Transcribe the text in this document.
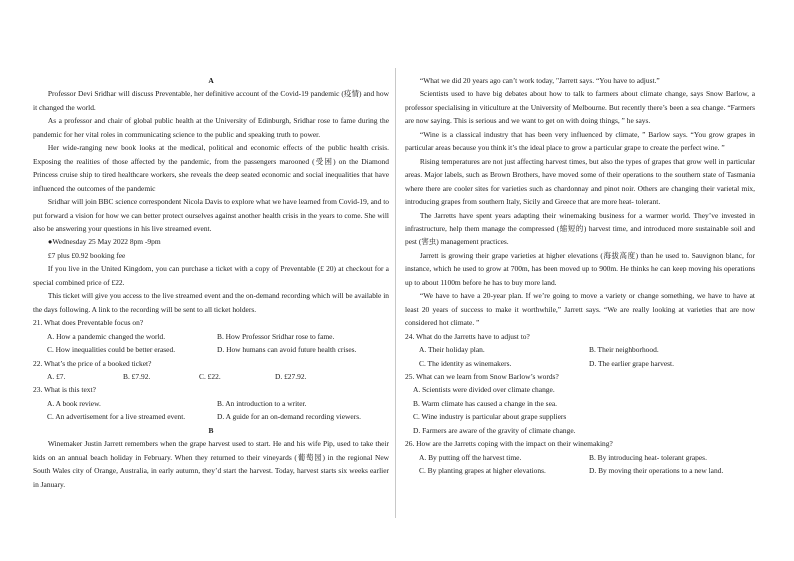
A

Professor Devi Sridhar will discuss Preventable, her definitive account of the Covid-19 pandemic (疫情) and how it changed the world.

As a professor and chair of global public health at the University of Edinburgh, Sridhar rose to fame during the pandemic for her vital roles in communicating science to the public and speaking truth to power.

Her wide-ranging new book looks at the medical, political and economic effects of the public health crisis. Exposing the realities of those affected by the pandemic, from the passengers marooned (受困) on the Diamond Princess cruise ship to tired healthcare workers, she reveals the deep seated economic and social inequalities that have influenced the outcomes of the pandemic

Sridhar will join BBC science correspondent Nicola Davis to explore what we have learned from Covid-19, and to put forward a vision for how we can better protect ourselves against another health crisis in the years to come. She will also be answering your questions in his live streamed event.

●Wednesday 25 May 2022 8pm -9pm

£7 plus £0.92 booking fee

If you live in the United Kingdom, you can purchase a ticket with a copy of Preventable (£ 20) at checkout for a special combined price of £22.

This ticket will give you access to the live streamed event and the on-demand recording which will be available in the days following. A link to the recording will be sent to all ticket holders.

21. What does Preventable focus on?

A. How a pandemic changed the world.	B. How Professor Sridhar rose to fame.
C. How inequalities could be better erased.	D. How humans can avoid future health crises.

22. What’s the price of a booked ticket?

A. £7.	B. £7.92.	C. £22.	D. £27.92.

23. What is this text?

A. A book review.	B. An introduction to a writer.
C. An advertisement for a live streamed event.	D. A guide for an on-demand recording viewers.
B

Winemaker Justin Jarrett remembers when the grape harvest used to start. He and his wife Pip, used to take their kids on an annual beach holiday in February. When they returned to their vineyards (葡萄园) in the regional New South Wales city of Orange, Australia, in early autumn, they’d start the harvest. Today, harvest starts six weeks earlier in January.

“What we did 20 years ago can’t work today, "Jarrett says. “You have to adjust.”

Scientists used to have big debates about how to talk to farmers about climate change, says Snow Barlow, a professor specialising in viticulture at the University of Melbourne. But recently there’s been a sea change. “Farmers are now saying. This is serious and we want to get on with doing things, ” he says.

“Wine is a classical industry that has been very influenced by climate, ” Barlow says. “You grow grapes in particular areas because you think it’s the ideal place to grow a particular grape to create the perfect wine. ”

Rising temperatures are not just affecting harvest times, but also the types of grapes that grow well in particular areas. Major labels, such as Brown Brothers, have moved some of their operations to the southern state of Tasmania where there are cooler sites for varieties such as chardonnay and pinot noir. Others are changing their varietal mix, introducing grapes from southern Italy, Sicily and Greece that are more heat- tolerant.

The Jarretts have spent years adapting their winemaking business for a warmer world. They’ve invested in infrastructure, help them manage the compressed (缩短的) harvest time, and introduced more sustainable soil and pest (害虫) management practices.

Jarrett is growing their grape varieties at higher elevations (海拔高度) than he used to. Sauvignon blanc, for instance, which he used to grow at 700m, has been moved up to 900m. He thinks he can keep moving his operations up to about 1100m before he has to buy more land.

“We have to have a 20-year plan. If we’re going to move a variety or change something, we have to have at least 20 years of success to make it worthwhile,” Jarrett says. “We are really looking at varieties that are now considered hot climate. ”

24. What do the Jarretts have to adjust to?

A. Their holiday plan.	B. Their neighborhood.
C. The identity as winemakers.	D. The earlier grape harvest.

25. What can we learn from Snow Barlow’s words?

A. Scientists were divided over climate change.
B. Warm climate has caused a change in the sea.
C. Wine industry is particular about grape suppliers
D. Farmers are aware of the gravity of climate change.

26. How are the Jarretts coping with the impact on their winemaking?

A. By putting off the harvest time.	B. By introducing heat- tolerant grapes.
C. By planting grapes at higher elevations.	D. By moving their operations to a new land.
